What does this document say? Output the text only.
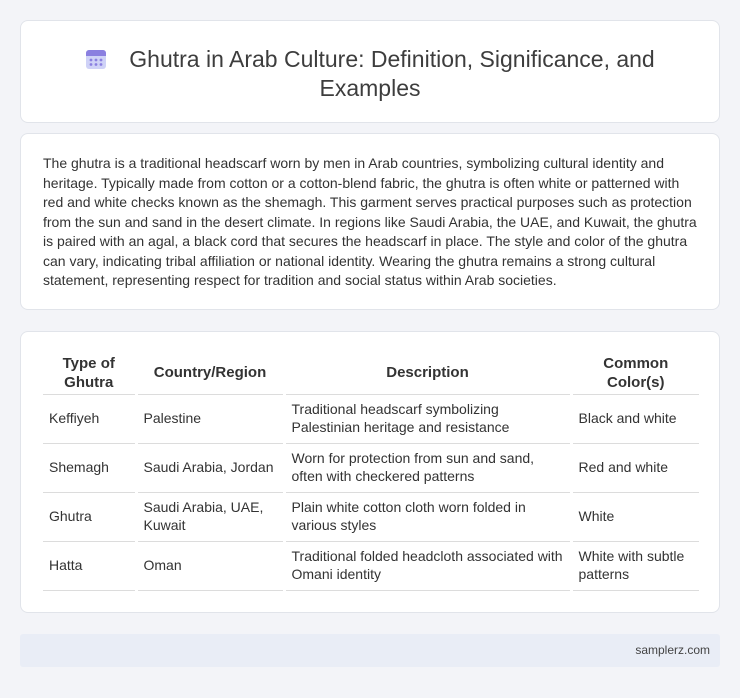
Ghutra in Arab Culture: Definition, Significance, and Examples

The ghutra is a traditional headscarf worn by men in Arab countries, symbolizing cultural identity and heritage. Typically made from cotton or a cotton-blend fabric, the ghutra is often white or patterned with red and white checks known as the shemagh. This garment serves practical purposes such as protection from the sun and sand in the desert climate. In regions like Saudi Arabia, the UAE, and Kuwait, the ghutra is paired with an agal, a black cord that secures the headscarf in place. The style and color of the ghutra can vary, indicating tribal affiliation or national identity. Wearing the ghutra remains a strong cultural statement, representing respect for tradition and social status within Arab societies.

Type of Ghutra	Country/Region	Description	Common Color(s)
Keffiyeh	Palestine	Traditional headscarf symbolizing Palestinian heritage and resistance	Black and white
Shemagh	Saudi Arabia, Jordan	Worn for protection from sun and sand, often with checkered patterns	Red and white
Ghutra	Saudi Arabia, UAE, Kuwait	Plain white cotton cloth worn folded in various styles	White
Hatta	Oman	Traditional folded headcloth associated with Omani identity	White with subtle patterns
samplerz.com
